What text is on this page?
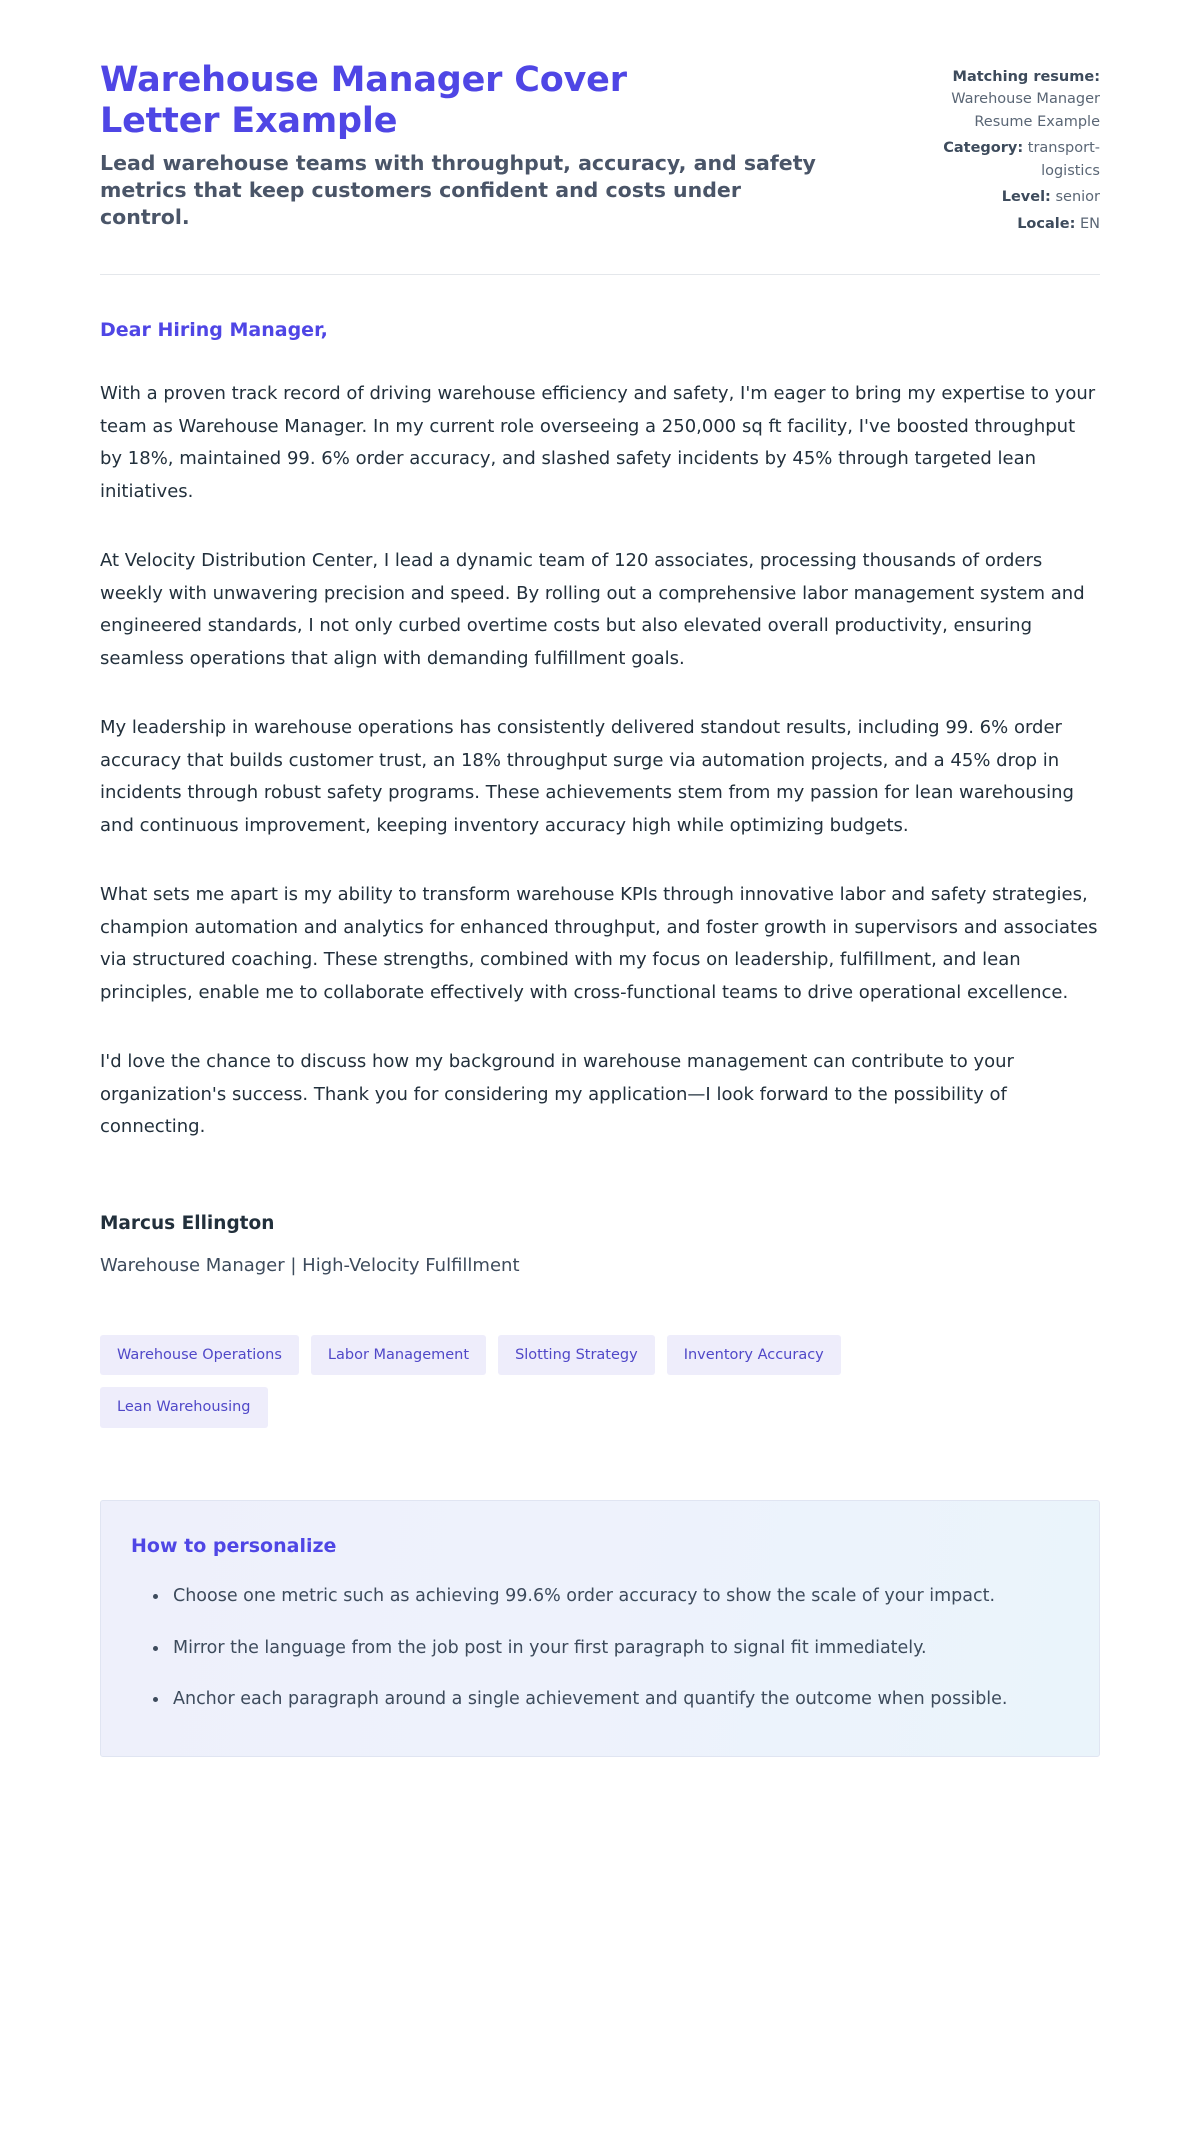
Warehouse Manager Cover Letter Example

Lead warehouse teams with throughput, accuracy, and safety metrics that keep customers confident and costs under control.

Matching resume: Warehouse Manager Resume Example
Category: transport-logistics
Level: senior
Locale: EN

Dear Hiring Manager,

With a proven track record of driving warehouse efficiency and safety, I'm eager to bring my expertise to your team as Warehouse Manager. In my current role overseeing a 250,000 sq ft facility, I've boosted throughput by 18%, maintained 99. 6% order accuracy, and slashed safety incidents by 45% through targeted lean initiatives.

At Velocity Distribution Center, I lead a dynamic team of 120 associates, processing thousands of orders weekly with unwavering precision and speed. By rolling out a comprehensive labor management system and engineered standards, I not only curbed overtime costs but also elevated overall productivity, ensuring seamless operations that align with demanding fulfillment goals.

My leadership in warehouse operations has consistently delivered standout results, including 99. 6% order accuracy that builds customer trust, an 18% throughput surge via automation projects, and a 45% drop in incidents through robust safety programs. These achievements stem from my passion for lean warehousing and continuous improvement, keeping inventory accuracy high while optimizing budgets.

What sets me apart is my ability to transform warehouse KPIs through innovative labor and safety strategies, champion automation and analytics for enhanced throughput, and foster growth in supervisors and associates via structured coaching. These strengths, combined with my focus on leadership, fulfillment, and lean principles, enable me to collaborate effectively with cross-functional teams to drive operational excellence.

I'd love the chance to discuss how my background in warehouse management can contribute to your organization's success. Thank you for considering my application—I look forward to the possibility of connecting.

Marcus Ellington

Warehouse Manager | High-Velocity Fulfillment

Warehouse Operations	Labor Management	Slotting Strategy	Inventory Accuracy
Lean Warehousing
How to personalize
Choose one metric such as achieving 99.6% order accuracy to show the scale of your impact.
Mirror the language from the job post in your first paragraph to signal fit immediately.
Anchor each paragraph around a single achievement and quantify the outcome when possible.
